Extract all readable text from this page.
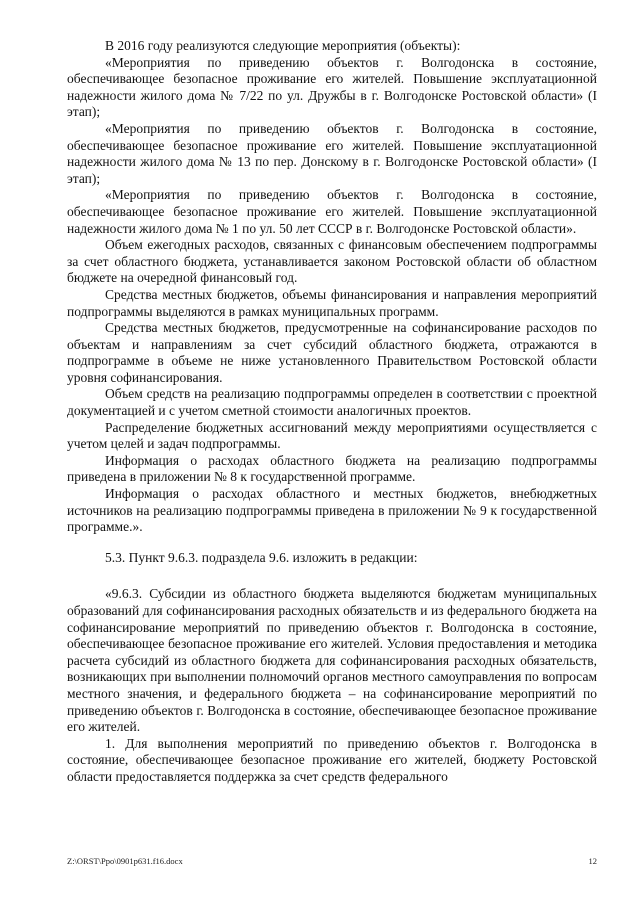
В 2016 году реализуются следующие мероприятия (объекты):

«Мероприятия по приведению объектов г. Волгодонска в состояние, обеспечивающее безопасное проживание его жителей. Повышение эксплуатационной надежности жилого дома № 7/22 по ул. Дружбы в г. Волгодонске Ростовской области» (I этап);

«Мероприятия по приведению объектов г. Волгодонска в состояние, обеспечивающее безопасное проживание его жителей. Повышение эксплуатационной надежности жилого дома № 13 по пер. Донскому в г. Волгодонске Ростовской области» (I этап);

«Мероприятия по приведению объектов г. Волгодонска в состояние, обеспечивающее безопасное проживание его жителей. Повышение эксплуатационной надежности жилого дома № 1 по ул. 50 лет СССР в г. Волгодонске Ростовской области».

Объем ежегодных расходов, связанных с финансовым обеспечением подпрограммы за счет областного бюджета, устанавливается законом Ростовской области об областном бюджете на очередной финансовый год.

Средства местных бюджетов, объемы финансирования и направления мероприятий подпрограммы выделяются в рамках муниципальных программ.

Средства местных бюджетов, предусмотренные на софинансирование расходов по объектам и направлениям за счет субсидий областного бюджета, отражаются в подпрограмме в объеме не ниже установленного Правительством Ростовской области уровня софинансирования.

Объем средств на реализацию подпрограммы определен в соответствии с проектной документацией и с учетом сметной стоимости аналогичных проектов.

Распределение бюджетных ассигнований между мероприятиями осуществляется с учетом целей и задач подпрограммы.

Информация о расходах областного бюджета на реализацию подпрограммы приведена в приложении № 8 к государственной программе.

Информация о расходах областного и местных бюджетов, внебюджетных источников на реализацию подпрограммы приведена в приложении № 9 к государственной программе.».

5.3. Пункт 9.6.3. подраздела 9.6. изложить в редакции:

«9.6.3. Субсидии из областного бюджета выделяются бюджетам муниципальных образований для софинансирования расходных обязательств и из федерального бюджета на софинансирование мероприятий по приведению объектов г. Волгодонска в состояние, обеспечивающее безопасное проживание его жителей. Условия предоставления и методика расчета субсидий из областного бюджета для софинансирования расходных обязательств, возникающих при выполнении полномочий органов местного самоуправления по вопросам местного значения, и федерального бюджета – на софинансирование мероприятий по приведению объектов г. Волгодонска в состояние, обеспечивающее безопасное проживание его жителей.

1. Для выполнения мероприятий по приведению объектов г. Волгодонска в состояние, обеспечивающее безопасное проживание его жителей, бюджету Ростовской области предоставляется поддержка за счет средств федерального

Z:\ORST\Ppo\0901p631.f16.docx	12
